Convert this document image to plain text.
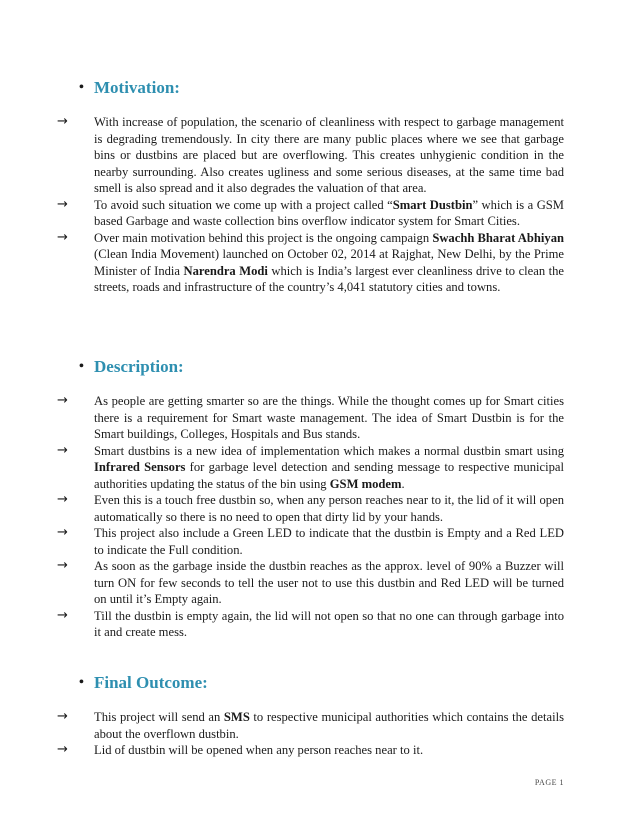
• Motivation:
→ With increase of population, the scenario of cleanliness with respect to garbage management is degrading tremendously. In city there are many public places where we see that garbage bins or dustbins are placed but are overflowing. This creates unhygienic condition in the nearby surrounding. Also creates ugliness and some serious diseases, at the same time bad smell is also spread and it also degrades the valuation of that area.
→ To avoid such situation we come up with a project called “Smart Dustbin” which is a GSM based Garbage and waste collection bins overflow indicator system for Smart Cities.
→ Over main motivation behind this project is the ongoing campaign Swachh Bharat Abhiyan (Clean India Movement) launched on October 02, 2014 at Rajghat, New Delhi, by the Prime Minister of India Narendra Modi which is India’s largest ever cleanliness drive to clean the streets, roads and infrastructure of the country’s 4,041 statutory cities and towns.
• Description:
→ As people are getting smarter so are the things. While the thought comes up for Smart cities there is a requirement for Smart waste management. The idea of Smart Dustbin is for the Smart buildings, Colleges, Hospitals and Bus stands.
→ Smart dustbins is a new idea of implementation which makes a normal dustbin smart using Infrared Sensors for garbage level detection and sending message to respective municipal authorities updating the status of the bin using GSM modem.
→ Even this is a touch free dustbin so, when any person reaches near to it, the lid of it will open automatically so there is no need to open that dirty lid by your hands.
→ This project also include a Green LED to indicate that the dustbin is Empty and a Red LED to indicate the Full condition.
→ As soon as the garbage inside the dustbin reaches as the approx. level of 90% a Buzzer will turn ON for few seconds to tell the user not to use this dustbin and Red LED will be turned on until it’s Empty again.
→ Till the dustbin is empty again, the lid will not open so that no one can through garbage into it and create mess.
• Final Outcome:
→ This project will send an SMS to respective municipal authorities which contains the details about the overflown dustbin.
→ Lid of dustbin will be opened when any person reaches near to it.
PAGE 1
